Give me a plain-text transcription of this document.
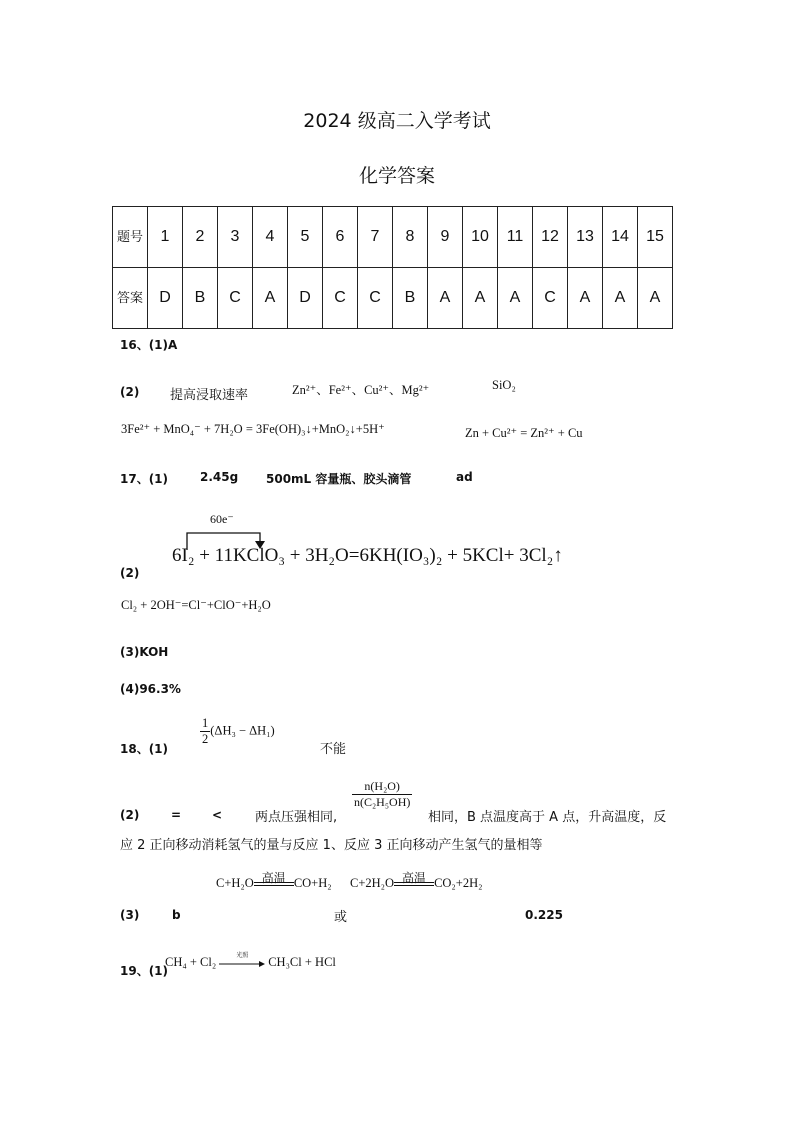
2024 级高二入学考试
化学答案
题号	1	2	3	4	5	6	7	8	9	10	11	12	13	14	15
答案	D	B	C	A	D	C	C	B	A	A	A	C	A	A	A
16、(1)A
(2) 提高浸取速率	Zn²⁺、Fe²⁺、Cu²⁺、Mg²⁺	SiO₂
3Fe²⁺ + MnO₄⁻ + 7H₂O = 3Fe(OH)₃↓+MnO₂↓+5H⁺	Zn + Cu²⁺ = Zn²⁺ + Cu
17、(1)	2.45g 500mL 容量瓶、胶头滴管	ad
60e⁻
6I₂ + 11KClO₃ + 3H₂O=6KH(IO₃)₂ + 5KCl+ 3Cl₂↑
(2)
Cl₂ + 2OH⁻=Cl⁻+ClO⁻+H₂O
(3)KOH
(4)96.3%
18、(1)
$\frac{1}{2} (\Delta H_3 - \Delta H_1)$
不能
(2)	=	<	两点压强相同,
$\frac{\text{n(H₂O)}}{\text{n(C₂H₅OH)}}$
相同，B 点温度高于 A 点，升高温度，反
应 2 正向移动消耗氢气的量与反应 1、反应 3 正向移动产生氢气的量相等
(3)	b
C+H₂O 高温 CO+H₂
或
C+2H₂O 高温 CO₂+2H₂
0.225
19、(1)
CH₄ + Cl₂	光照	CH₃Cl + HCl
